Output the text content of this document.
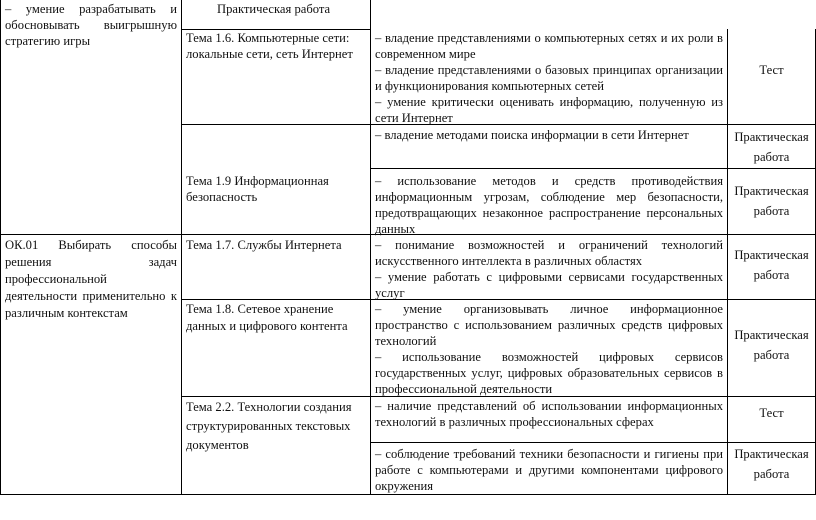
– умение разрабатывать и обосновывать выигрышную стратегию игры

ОК.01 Выбирать способы решения задач профессиональной деятельности применительно к различным контекстам

Практическая работа

Тема 1.6. Компьютерные сети: локальные сети, сеть Интернет

– владение представлениями о компьютерных сетях и их роли в современном мире

– владение представлениями о базовых принципах организации и функционирования компьютерных сетей

– умение критически оценивать информацию, полученную из сети Интернет

Тест

– владение методами поиска информации в сети Интернет	Практическая работа

Тема 1.9 Информационная безопасность

– использование методов и средств противодействия информационным угрозам, соблюдение мер безопасности, предотвращающих незаконное распространение персональных данных

Практическая работа

Тема 1.7. Службы Интернета	– понимание возможностей и ограничений технологий искусственного интеллекта в различных областях

– умение работать с цифровыми сервисами государственных услуг

Практическая работа

Тема 1.8. Сетевое хранение данных и цифрового контента

– умение организовывать личное информационное пространство с использованием различных средств цифровых технологий

– использование возможностей цифровых сервисов государственных услуг, цифровых образовательных сервисов в профессиональной деятельности

Практическая работа

Тема 2.2. Технологии создания структурированных текстовых документов

– наличие представлений об использовании информационных технологий в различных профессиональных сферах

Тест

– соблюдение требований техники безопасности и гигиены при работе с компьютерами и другими компонентами цифрового окружения

Практическая работа
